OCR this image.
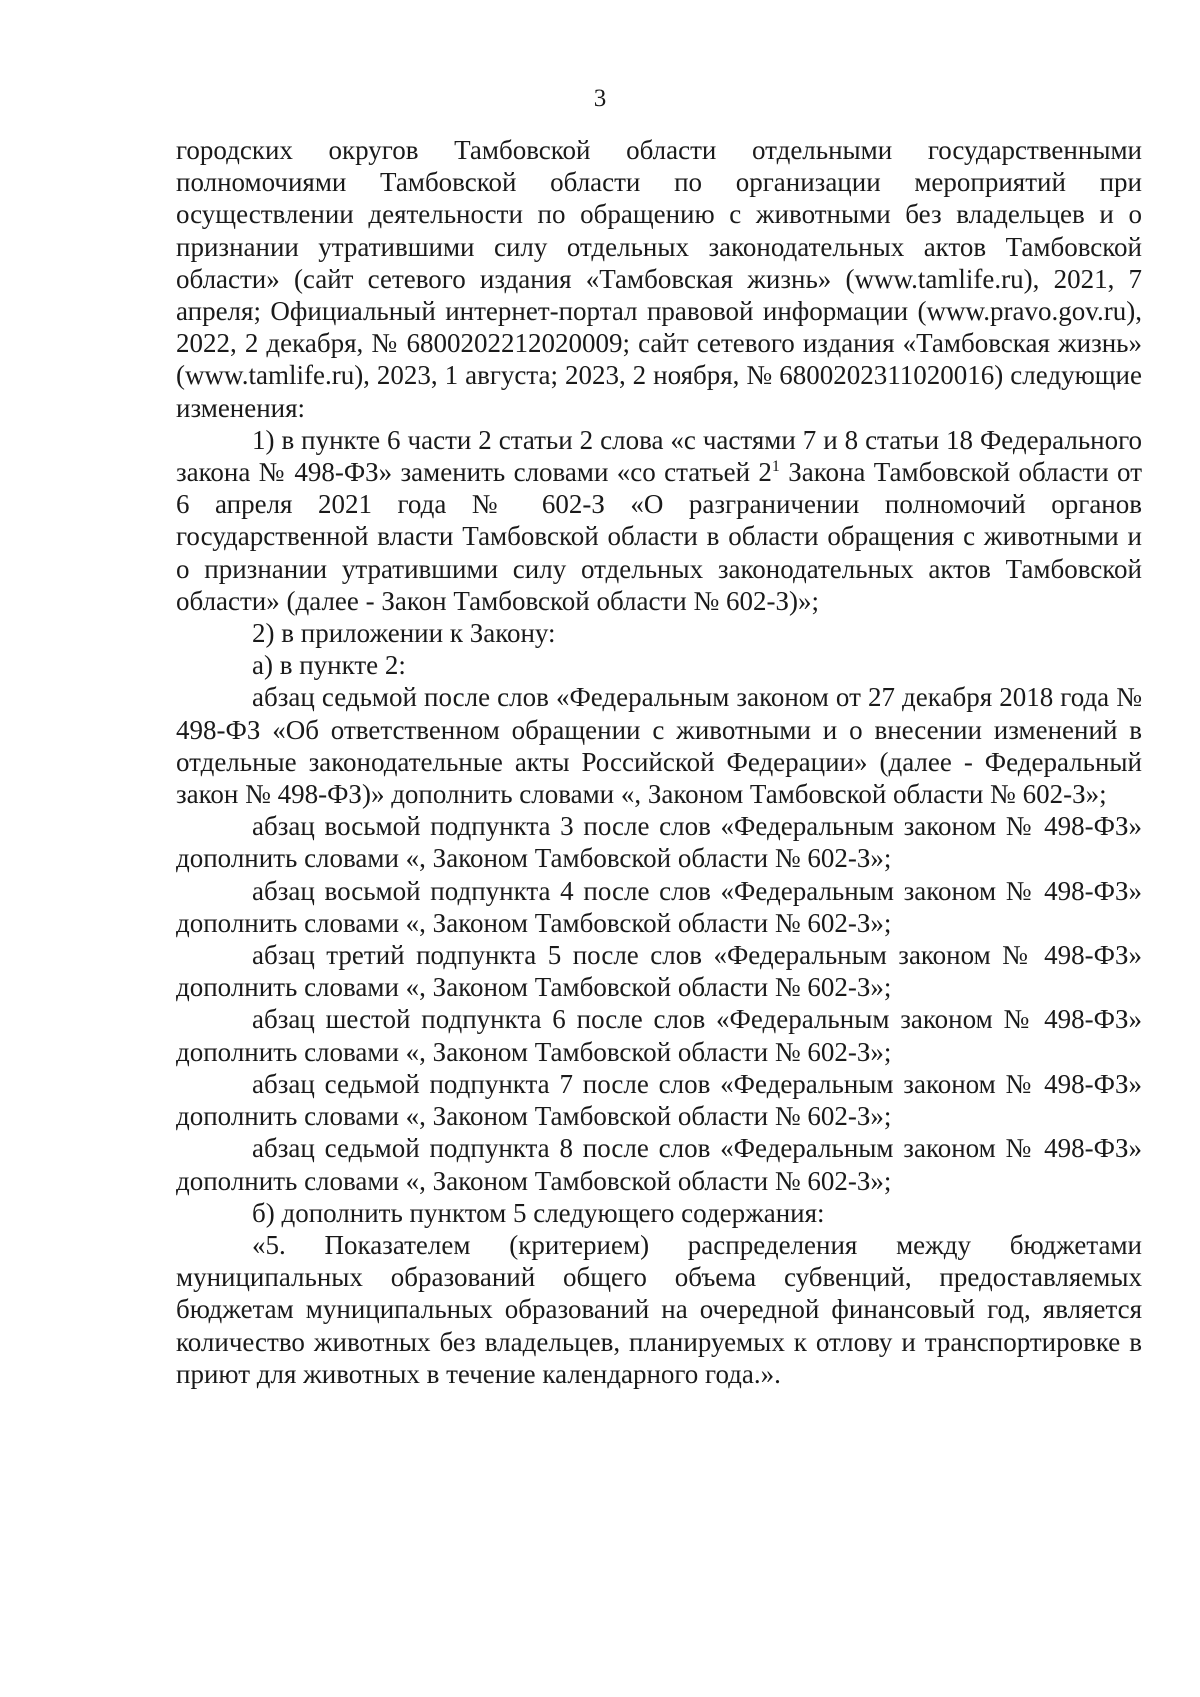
3

городских округов Тамбовской области отдельными государственными полномочиями Тамбовской области по организации мероприятий при осуществлении деятельности по обращению с животными без владельцев и о признании утратившими силу отдельных законодательных актов Тамбовской области» (сайт сетевого издания «Тамбовская жизнь» (www.tamlife.ru), 2021, 7 апреля; Официальный интернет-портал правовой информации (www.pravo.gov.ru), 2022, 2 декабря, № 6800202212020009; сайт сетевого издания «Тамбовская жизнь» (www.tamlife.ru), 2023, 1 августа; 2023, 2 ноября, № 6800202311020016) следующие изменения:

1) в пункте 6 части 2 статьи 2 слова «с частями 7 и 8 статьи 18 Федерального закона № 498-ФЗ» заменить словами «со статьей $2^1$ Закона Тамбовской области от 6 апреля 2021 года № 602-З «О разграничении полномочий органов государственной власти Тамбовской области в области обращения с животными и о признании утратившими силу отдельных законодательных актов Тамбовской области» (далее - Закон Тамбовской области № 602-З)»;

2) в приложении к Закону:

а) в пункте 2:

абзац седьмой после слов «Федеральным законом от 27 декабря 2018 года № 498-ФЗ «Об ответственном обращении с животными и о внесении изменений в отдельные законодательные акты Российской Федерации» (далее - Федеральный закон № 498-ФЗ)» дополнить словами «, Законом Тамбовской области № 602-З»;

абзац восьмой подпункта 3 после слов «Федеральным законом № 498-ФЗ» дополнить словами «, Законом Тамбовской области № 602-З»;

абзац восьмой подпункта 4 после слов «Федеральным законом № 498-ФЗ» дополнить словами «, Законом Тамбовской области № 602-З»;

абзац третий подпункта 5 после слов «Федеральным законом № 498-ФЗ» дополнить словами «, Законом Тамбовской области № 602-З»;

абзац шестой подпункта 6 после слов «Федеральным законом № 498-ФЗ» дополнить словами «, Законом Тамбовской области № 602-З»;

абзац седьмой подпункта 7 после слов «Федеральным законом № 498-ФЗ» дополнить словами «, Законом Тамбовской области № 602-З»;

абзац седьмой подпункта 8 после слов «Федеральным законом № 498-ФЗ» дополнить словами «, Законом Тамбовской области № 602-З»;

б) дополнить пунктом 5 следующего содержания:

«5. Показателем (критерием) распределения между бюджетами муниципальных образований общего объема субвенций, предоставляемых бюджетам муниципальных образований на очередной финансовый год, является количество животных без владельцев, планируемых к отлову и транспортировке в приют для животных в течение календарного года.».
